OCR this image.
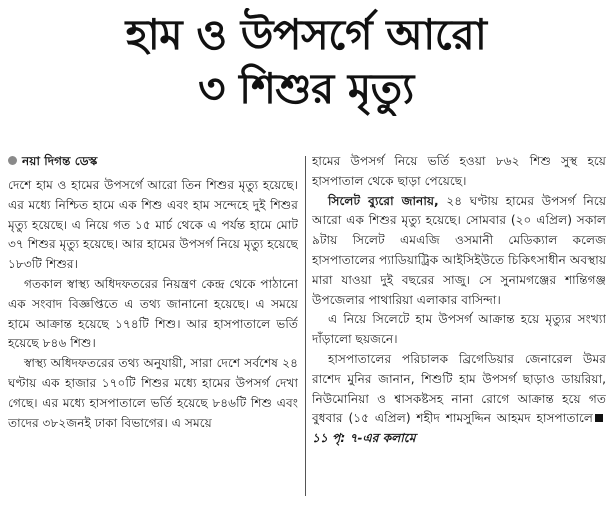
হাম ও উপসর্গে আরো
৩ শিশুর মৃত্যু
নয়া দিগন্ত ডেস্ক

দেশে হাম ও হামের উপসর্গে আরো তিন শিশুর মৃত্যু হয়েছে। এর মধ্যে নিশ্চিত হামে এক শিশু এবং হাম সন্দেহে দুই শিশুর মৃত্যু হয়েছে। এ নিয়ে গত ১৫ মার্চ থেকে এ পর্যন্ত হামে মোট ৩৭ শিশুর মৃত্যু হয়েছে। আর হামের উপসর্গ নিয়ে মৃত্যু হয়েছে ১৮৩টি শিশুর।

গতকাল স্বাস্থ্য অধিদফতরের নিয়ন্ত্রণ কেন্দ্র থেকে পাঠানো এক সংবাদ বিজ্ঞপ্তিতে এ তথ্য জানানো হয়েছে। এ সময়ে হামে আক্রান্ত হয়েছে ১৭৪টি শিশু। আর হাসপাতালে ভর্তি হয়েছে ৮৪৬ শিশু।

স্বাস্থ্য অধিদফতরের তথ্য অনুযায়ী, সারা দেশে সর্বশেষ ২৪ ঘণ্টায় এক হাজার ১৭০টি শিশুর মধ্যে হামের উপসর্গ দেখা গেছে। এর মধ্যে হাসপাতালে ভর্তি হয়েছে ৮৪৬টি শিশু এবং তাদের ৩৮২জনই ঢাকা বিভাগের। এ সময়ে

হামের উপসর্গ নিয়ে ভর্তি হওয়া ৮৬২ শিশু সুস্থ হয়ে হাসপাতাল থেকে ছাড়া পেয়েছে।

সিলেট ব্যুরো জানায়, ২৪ ঘণ্টায় হামের উপসর্গ নিয়ে আরো এক শিশুর মৃত্যু হয়েছে। সোমবার (২০ এপ্রিল) সকাল ৯টায় সিলেট এমএজি ওসমানী মেডিক্যাল কলেজ হাসপাতালের প্যাডিয়াট্রিক আইসিইউতে চিকিৎসাধীন অবস্থায় মারা যাওয়া দুই বছরের সাজু। সে সুনামগঞ্জের শান্তিগঞ্জ উপজেলার পাথারিয়া এলাকার বাসিন্দা।

এ নিয়ে সিলেটে হাম উপসর্গ আক্রান্ত হয়ে মৃত্যুর সংখ্যা দাঁড়ালো ছয়জনে।

হাসপাতালের পরিচালক ব্রিগেডিয়ার জেনারেল উমর রাশেদ মুনির জানান, শিশুটি হাম উপসর্গ ছাড়াও ডায়রিয়া, নিউমোনিয়া ও শ্বাসকষ্টসহ নানা রোগে আক্রান্ত হয়ে গত বুধবার (১৫ এপ্রিল) শহীদ শামসুদ্দিন আহমদ হাসপাতালে১১ পৃ: ৭-এর কলামে
